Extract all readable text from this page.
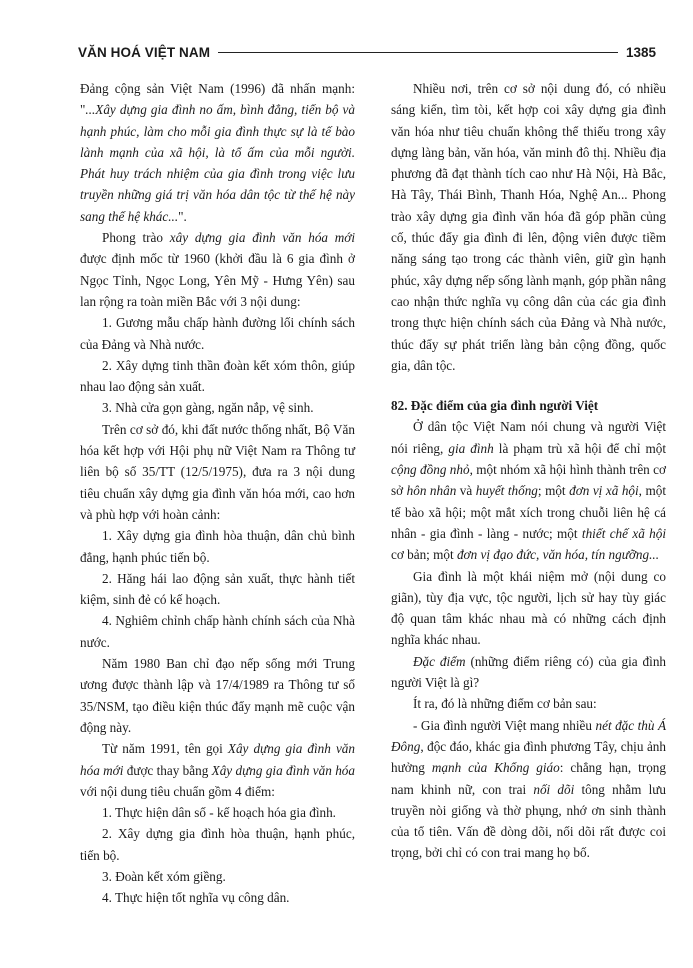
VĂN HOÁ VIỆT NAM	1385

Đảng cộng sản Việt Nam (1996) đã nhấn mạnh: "...Xây dựng gia đình no ấm, bình đẳng, tiến bộ và hạnh phúc, làm cho mỗi gia đình thực sự là tế bào lành mạnh của xã hội, là tổ ấm của mỗi người. Phát huy trách nhiệm của gia đình trong việc lưu truyền những giá trị văn hóa dân tộc từ thế hệ này sang thế hệ khác...".

Phong trào xây dựng gia đình văn hóa mới được định mốc từ 1960 (khởi đầu là 6 gia đình ở Ngọc Tỉnh, Ngọc Long, Yên Mỹ - Hưng Yên) sau lan rộng ra toàn miền Bắc với 3 nội dung:

1. Gương mẫu chấp hành đường lối chính sách của Đảng và Nhà nước.

2. Xây dựng tinh thần đoàn kết xóm thôn, giúp nhau lao động sản xuất.

3. Nhà cửa gọn gàng, ngăn nắp, vệ sinh.

Trên cơ sở đó, khi đất nước thống nhất, Bộ Văn hóa kết hợp với Hội phụ nữ Việt Nam ra Thông tư liên bộ số 35/TT (12/5/1975), đưa ra 3 nội dung tiêu chuẩn xây dựng gia đình văn hóa mới, cao hơn và phù hợp với hoàn cảnh:

1. Xây dựng gia đình hòa thuận, dân chủ bình đẳng, hạnh phúc tiến bộ.

2. Hăng hái lao động sản xuất, thực hành tiết kiệm, sinh đẻ có kế hoạch.

4. Nghiêm chỉnh chấp hành chính sách của Nhà nước.

Năm 1980 Ban chỉ đạo nếp sống mới Trung ương được thành lập và 17/4/1989 ra Thông tư số 35/NSM, tạo điều kiện thúc đẩy mạnh mẽ cuộc vận động này.

Từ năm 1991, tên gọi Xây dựng gia đình văn hóa mới được thay bằng Xây dựng gia đình văn hóa với nội dung tiêu chuẩn gồm 4 điểm:

1. Thực hiện dân số - kế hoạch hóa gia đình.

2. Xây dựng gia đình hòa thuận, hạnh phúc, tiến bộ.

3. Đoàn kết xóm giềng.

4. Thực hiện tốt nghĩa vụ công dân.

Nhiều nơi, trên cơ sở nội dung đó, có nhiều sáng kiến, tìm tòi, kết hợp coi xây dựng gia đình văn hóa như tiêu chuẩn không thể thiếu trong xây dựng làng bản, văn hóa, văn minh đô thị. Nhiều địa phương đã đạt thành tích cao như Hà Nội, Hà Bắc, Hà Tây, Thái Bình, Thanh Hóa, Nghệ An... Phong trào xây dựng gia đình văn hóa đã góp phần củng cố, thúc đẩy gia đình đi lên, động viên được tiềm năng sáng tạo trong các thành viên, giữ gìn hạnh phúc, xây dựng nếp sống lành mạnh, góp phần nâng cao nhận thức nghĩa vụ công dân của các gia đình trong thực hiện chính sách của Đảng và Nhà nước, thúc đẩy sự phát triển làng bản cộng đồng, quốc gia, dân tộc.

82. Đặc điểm của gia đình người Việt

Ở dân tộc Việt Nam nói chung và người Việt nói riêng, gia đình là phạm trù xã hội để chỉ một cộng đồng nhỏ, một nhóm xã hội hình thành trên cơ sở hôn nhân và huyết thống; một đơn vị xã hội, một tế bào xã hội; một mắt xích trong chuỗi liên hệ cá nhân - gia đình - làng - nước; một thiết chế xã hội cơ bản; một đơn vị đạo đức, văn hóa, tín ngưỡng...

Gia đình là một khái niệm mở (nội dung co giãn), tùy địa vực, tộc người, lịch sử hay tùy giác độ quan tâm khác nhau mà có những cách định nghĩa khác nhau.

Đặc điểm (những điểm riêng có) của gia đình người Việt là gì?

Ít ra, đó là những điểm cơ bản sau:

- Gia đình người Việt mang nhiều nét đặc thù Á Đông, độc đáo, khác gia đình phương Tây, chịu ảnh hưởng mạnh của Khổng giáo: chẳng hạn, trọng nam khinh nữ, con trai nối dõi tông nhằm lưu truyền nòi giống và thờ phụng, nhớ ơn sinh thành của tổ tiên. Vấn đề dòng dõi, nối dõi rất được coi trọng, bởi chỉ có con trai mang họ bố.
